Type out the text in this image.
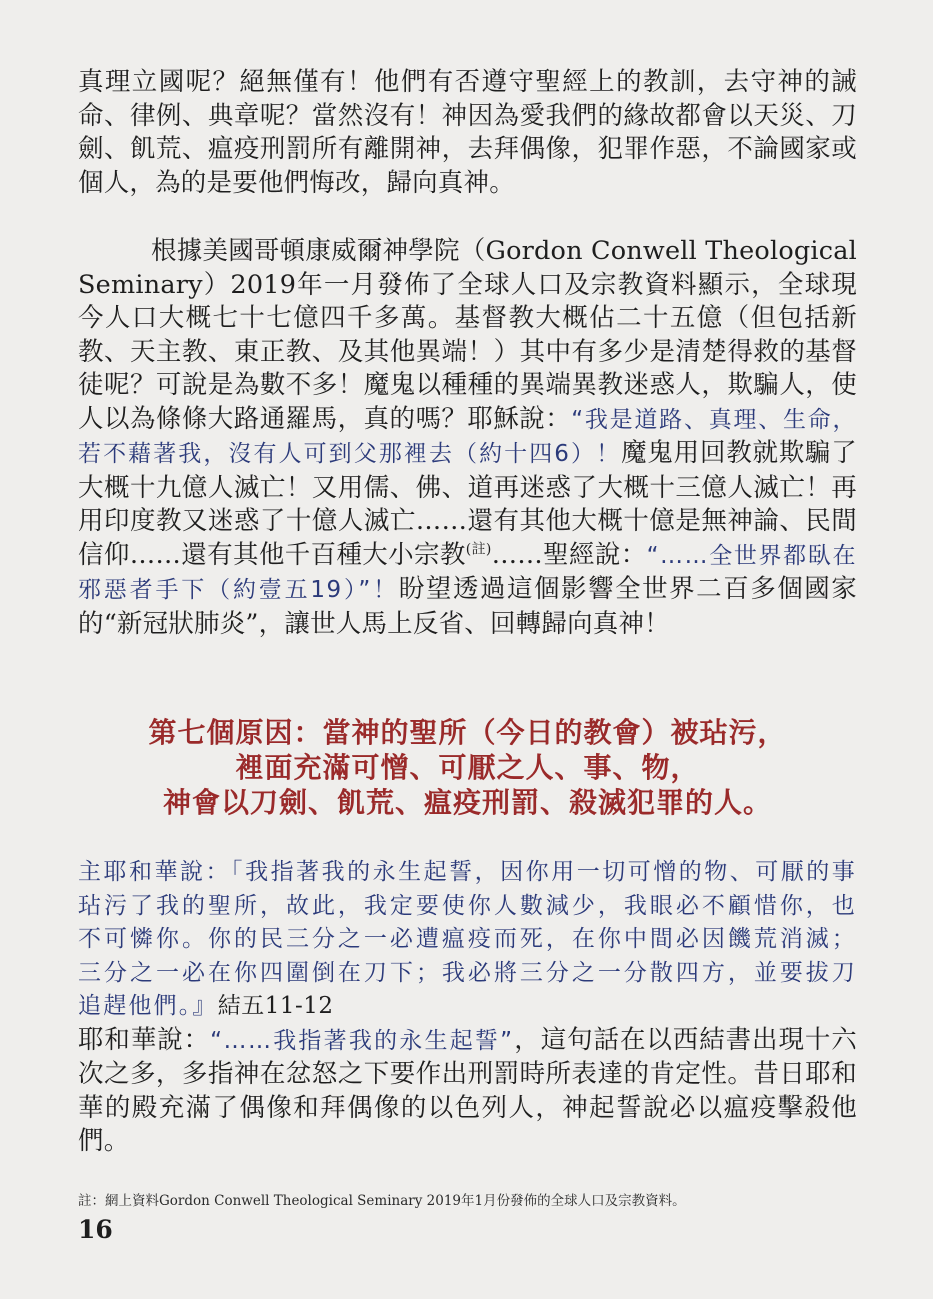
真理立國呢？絕無僅有！他們有否遵守聖經上的教訓，去守神的誡命、律例、典章呢？當然沒有！神因為愛我們的緣故都會以天災、刀劍、飢荒、瘟疫刑罰所有離開神，去拜偶像，犯罪作惡，不論國家或個人，為的是要他們悔改，歸向真神。

根據美國哥頓康威爾神學院（Gordon Conwell Theological Seminary）2019年一月發佈了全球人口及宗教資料顯示，全球現今人口大概七十七億四千多萬。基督教大概佔二十五億（但包括新教、天主教、東正教、及其他異端！）其中有多少是清楚得救的基督徒呢？可說是為數不多！魔鬼以種種的異端異教迷惑人，欺騙人，使人以為條條大路通羅馬，真的嗎？耶穌說：“我是道路、真理、生命，若不藉著我，沒有人可到父那裡去（約十四6）！魔鬼用回教就欺騙了大概十九億人滅亡！又用儒、佛、道再迷惑了大概十三億人滅亡！再用印度教又迷惑了十億人滅亡……還有其他大概十億是無神論、民間信仰……還有其他千百種大小宗教$^{(註)}$……聖經說：“……全世界都臥在邪惡者手下（約壹五19）”！盼望透過這個影響全世界二百多個國家的“新冠狀肺炎”，讓世人馬上反省、回轉歸向真神！

第七個原因：當神的聖所（今日的教會）被玷污，
裡面充滿可憎、可厭之人、事、物，
神會以刀劍、飢荒、瘟疫刑罰、殺滅犯罪的人。
主耶和華說：「我指著我的永生起誓，因你用一切可憎的物、可厭的事玷污了我的聖所，故此，我定要使你人數減少，我眼必不顧惜你，也不可憐你。你的民三分之一必遭瘟疫而死，在你中間必因饑荒消滅；三分之一必在你四圍倒在刀下；我必將三分之一分散四方，並要拔刀追趕他們。』結五11-12

耶和華說：“……我指著我的永生起誓”，這句話在以西結書出現十六次之多，多指神在忿怒之下要作出刑罰時所表達的肯定性。昔日耶和華的殿充滿了偶像和拜偶像的以色列人，神起誓說必以瘟疫擊殺他們。

註：網上資料Gordon Conwell Theological Seminary 2019年1月份發佈的全球人口及宗教資料。
16
